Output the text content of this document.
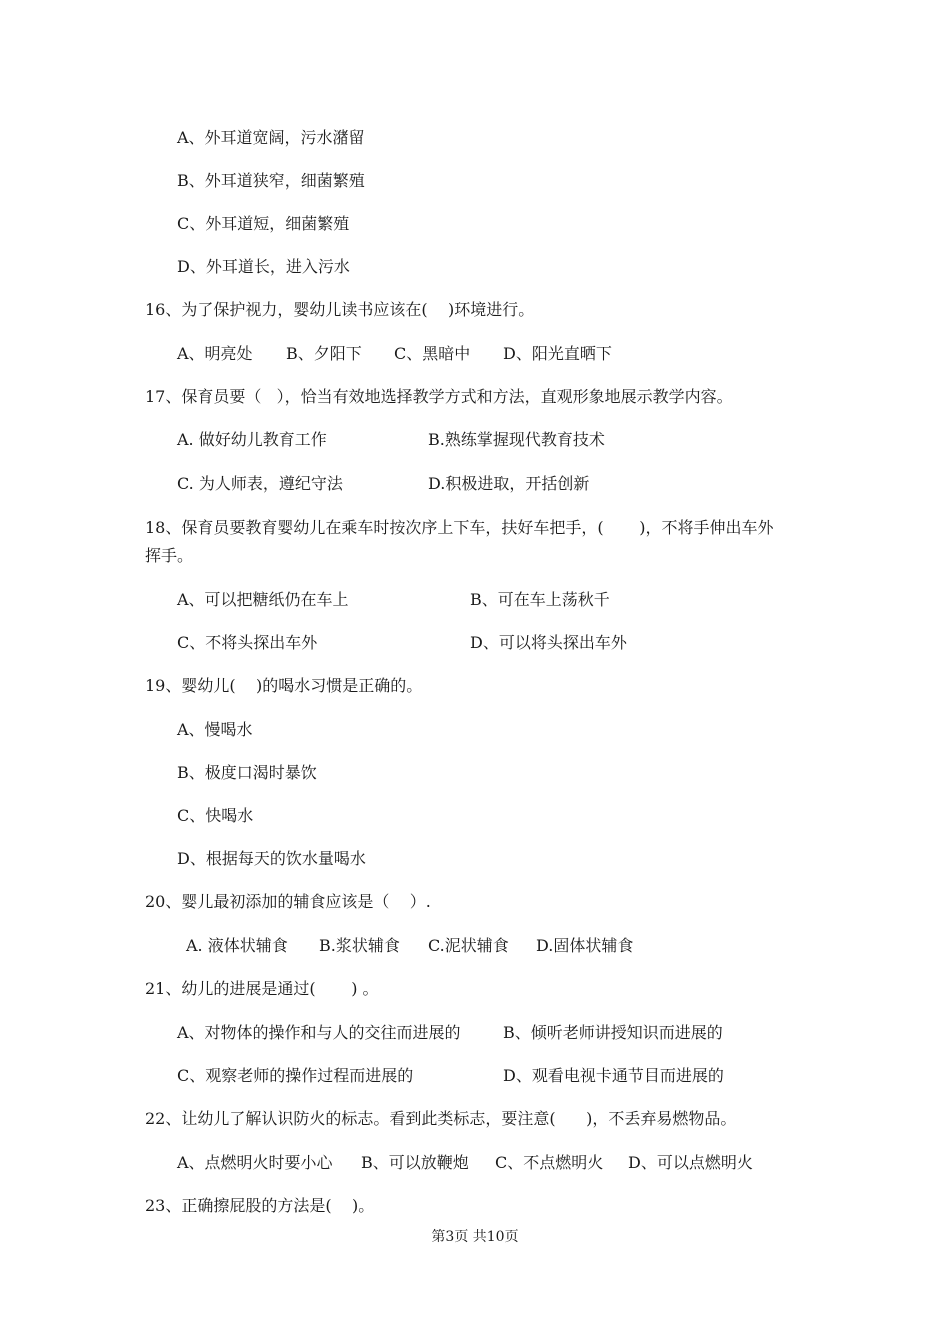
A、外耳道宽阔，污水潴留
B、外耳道狭窄，细菌繁殖
C、外耳道短，细菌繁殖
D、外耳道长，进入污水
16、为了保护视力，婴幼儿读书应该在(    )环境进行。
A、明亮处 B、夕阳下 C、黑暗中 D、阳光直晒下
17、保育员要（   ），恰当有效地选择教学方式和方法，直观形象地展示教学内容。
A. 做好幼儿教育工作	B.熟练掌握现代教育技术
C. 为人师表，遵纪守法	D.积极进取，开括创新
18、保育员要教育婴幼儿在乘车时按次序上下车，扶好车把手，(       )，不将手伸出车外
挥手。
A、可以把糖纸仍在车上	B、可在车上荡秋千
C、不将头探出车外	D、可以将头探出车外
19、婴幼儿(    )的喝水习惯是正确的。
A、慢喝水
B、极度口渴时暴饮
C、快喝水
D、根据每天的饮水量喝水
20、婴儿最初添加的辅食应该是（    ）.
A. 液体状辅食 B.浆状辅食 C.泥状辅食 D.固体状辅食
21、幼儿的进展是通过(       ) 。
A、对物体的操作和与人的交往而进展的	B、倾听老师讲授知识而进展的
C、观察老师的操作过程而进展的	D、观看电视卡通节目而进展的
22、让幼儿了解认识防火的标志。看到此类标志，要注意(      )，不丢弃易燃物品。
A、点燃明火时要小心 B、可以放鞭炮 C、不点燃明火 D、可以点燃明火
23、正确擦屁股的方法是(    )。
第3页 共10页
